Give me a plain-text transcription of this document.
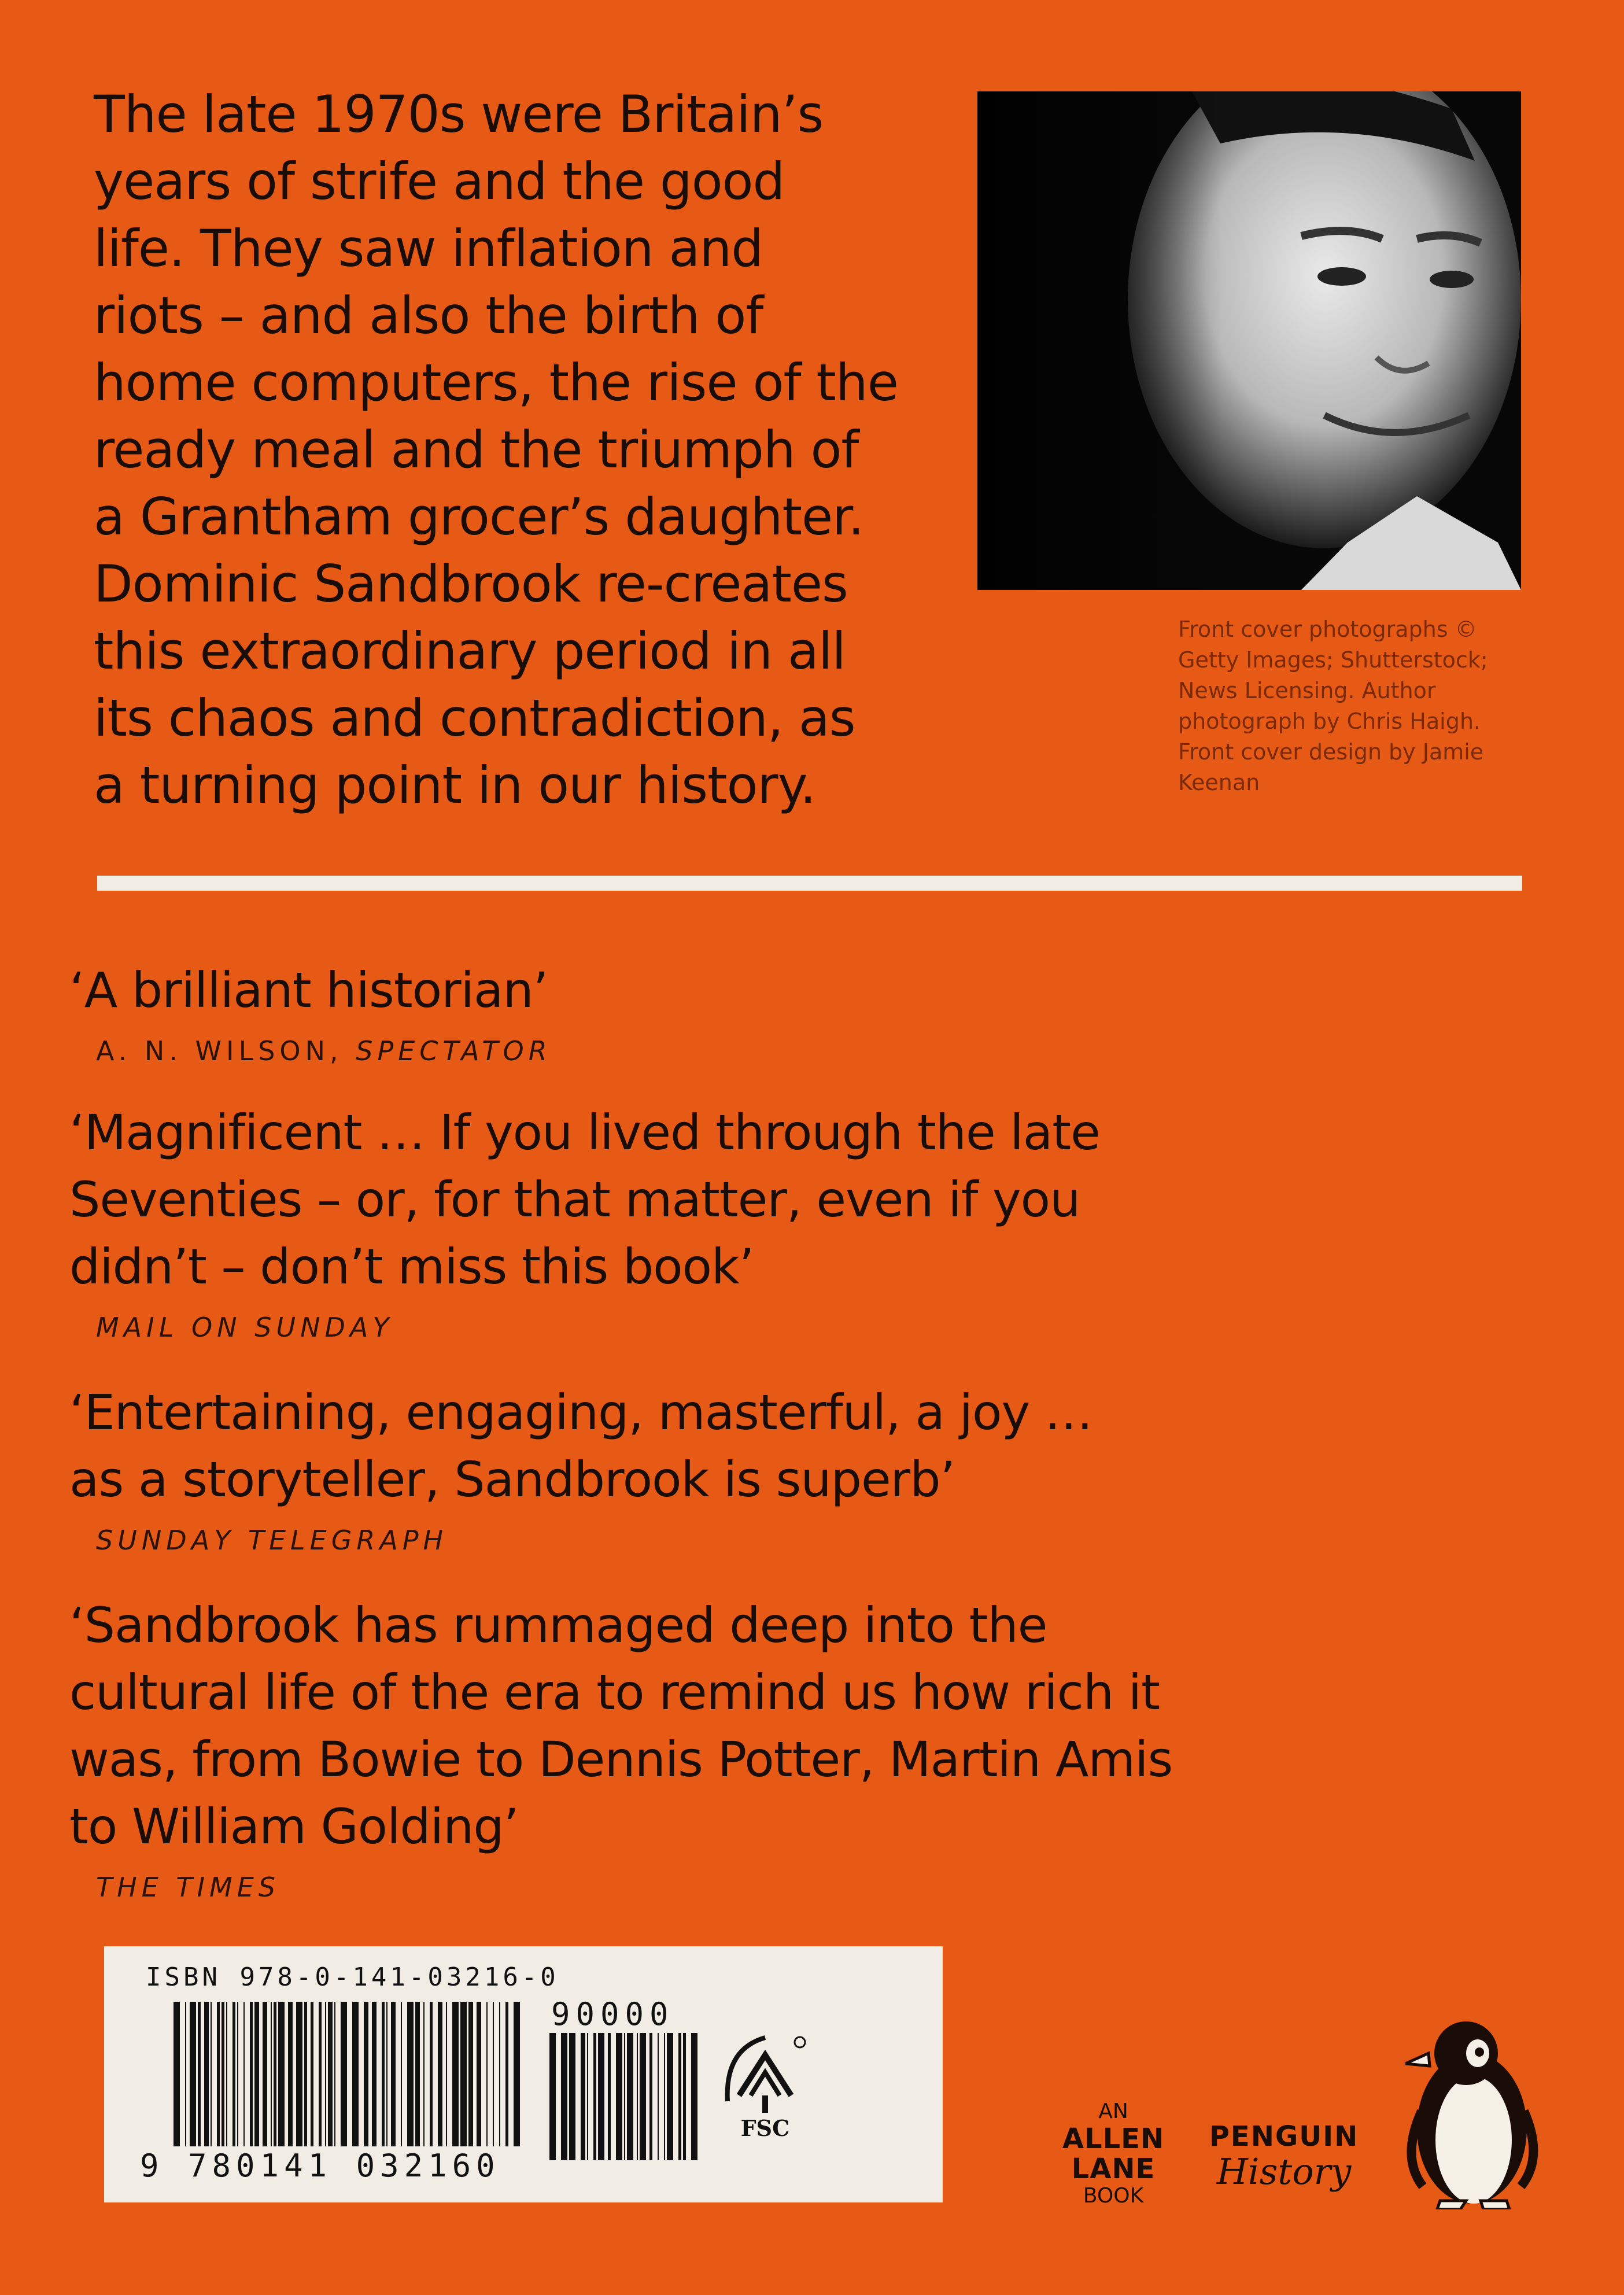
The late 1970s were Britain’s
years of strife and the good
life. They saw inflation and
riots – and also the birth of
home computers, the rise of the
ready meal and the triumph of
a Grantham grocer’s daughter.
Dominic Sandbrook re-creates
this extraordinary period in all
its chaos and contradiction, as
a turning point in our history.
Front cover photographs ©
Getty Images; Shutterstock;
News Licensing. Author
photograph by Chris Haigh.
Front cover design by Jamie
Keenan
‘A brilliant historian’
A. N. WILSON, SPECTATOR
‘Magnificent … If you lived through the late
Seventies – or, for that matter, even if you
didn’t – don’t miss this book’
MAIL ON SUNDAY
‘Entertaining, engaging, masterful, a joy …
as a storyteller, Sandbrook is superb’
SUNDAY TELEGRAPH
‘Sandbrook has rummaged deep into the
cultural life of the era to remind us how rich it
was, from Bowie to Dennis Potter, Martin Amis
to William Golding’
THE TIMES
ISBN 978-0-141-03216-0
90000
9 780141 032160
FSC
AN
ALLEN
LANE
BOOK
PENGUIN
History
